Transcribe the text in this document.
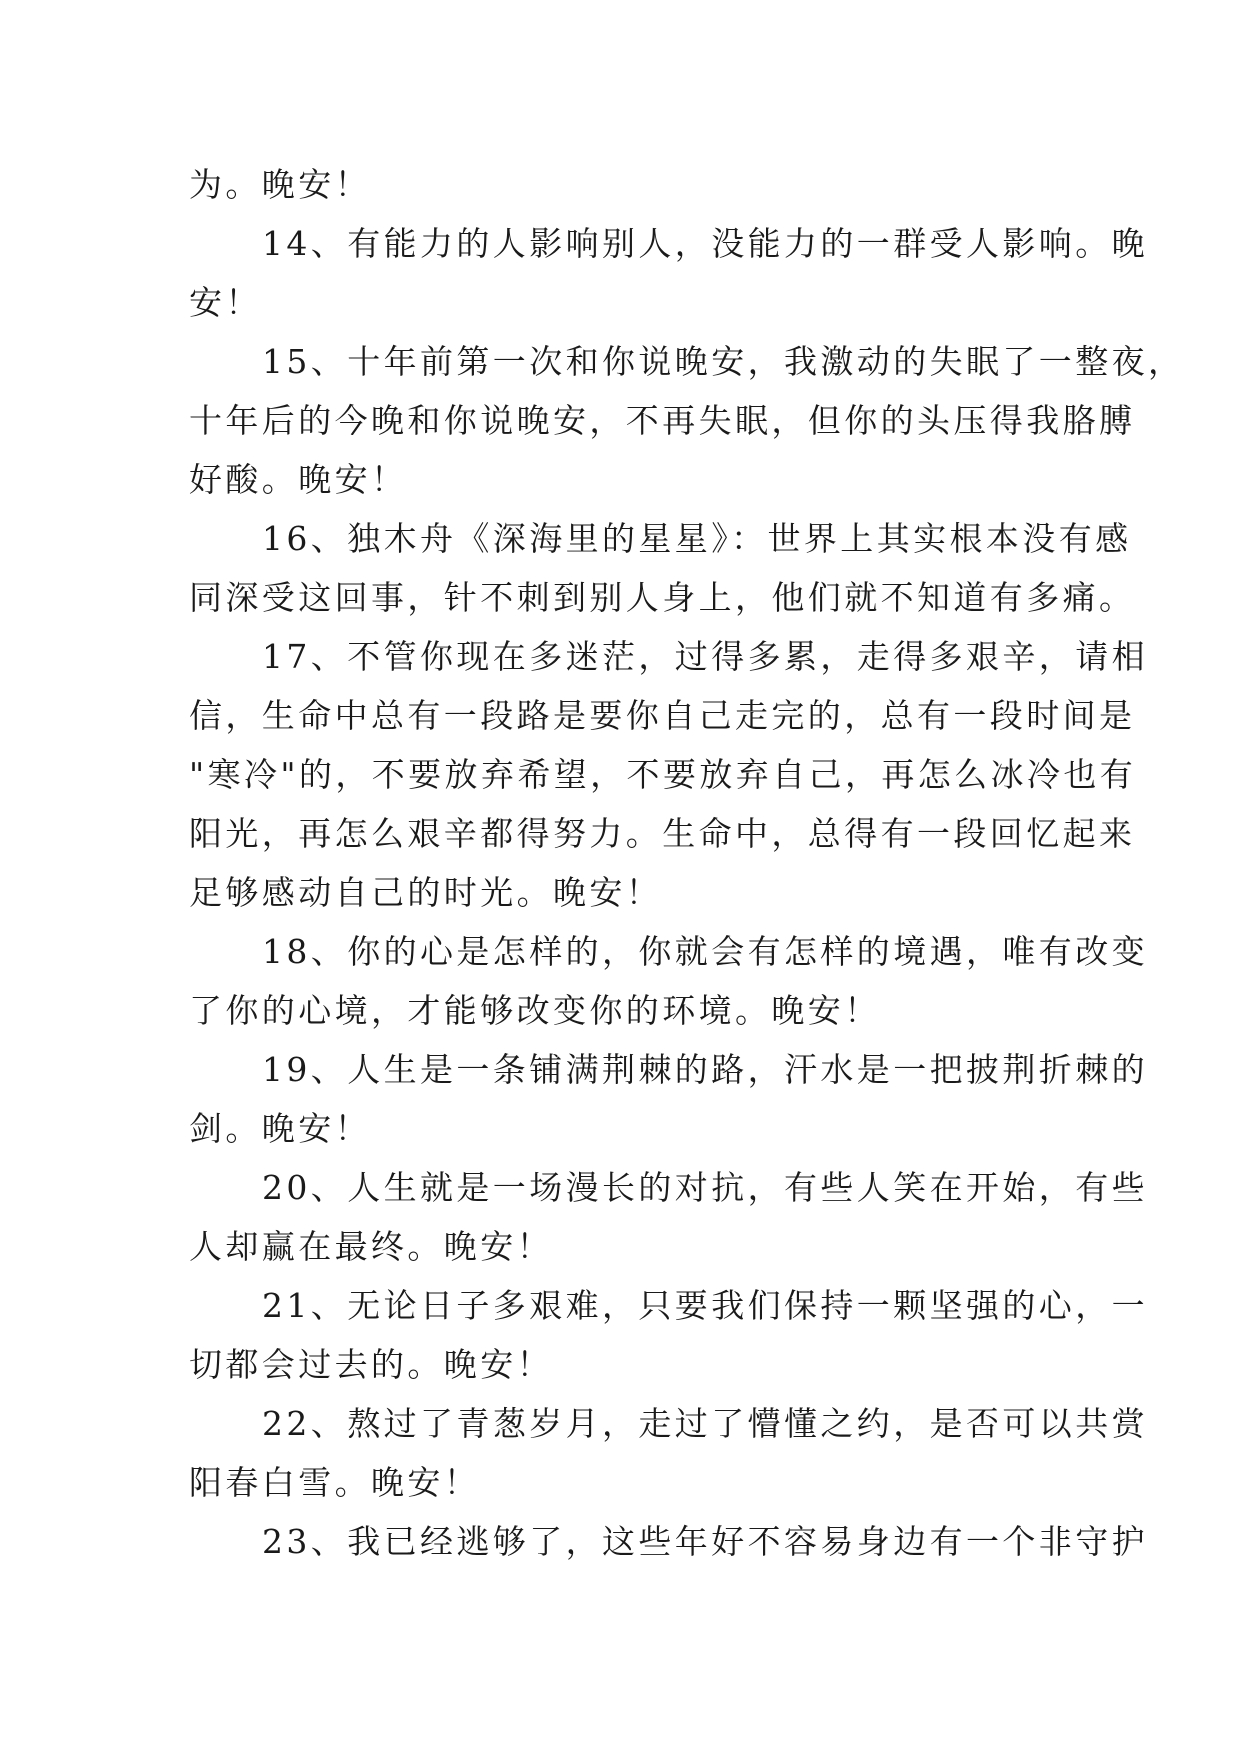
为。晚安！
14、有能力的人影响别人，没能力的一群受人影响。晚
安！
15、十年前第一次和你说晚安，我激动的失眠了一整夜，
十年后的今晚和你说晚安，不再失眠，但你的头压得我胳膊
好酸。晚安！
16、独木舟《深海里的星星》：世界上其实根本没有感
同深受这回事，针不刺到别人身上，他们就不知道有多痛。
17、不管你现在多迷茫，过得多累，走得多艰辛，请相
信，生命中总有一段路是要你自己走完的，总有一段时间是
"寒冷"的，不要放弃希望，不要放弃自己，再怎么冰冷也有
阳光，再怎么艰辛都得努力。生命中，总得有一段回忆起来
足够感动自己的时光。晚安！
18、你的心是怎样的，你就会有怎样的境遇，唯有改变
了你的心境，才能够改变你的环境。晚安！
19、人生是一条铺满荆棘的路，汗水是一把披荆折棘的
剑。晚安！
20、人生就是一场漫长的对抗，有些人笑在开始，有些
人却赢在最终。晚安！
21、无论日子多艰难，只要我们保持一颗坚强的心，一
切都会过去的。晚安！
22、熬过了青葱岁月，走过了懵懂之约，是否可以共赏
阳春白雪。晚安！
23、我已经逃够了，这些年好不容易身边有一个非守护
